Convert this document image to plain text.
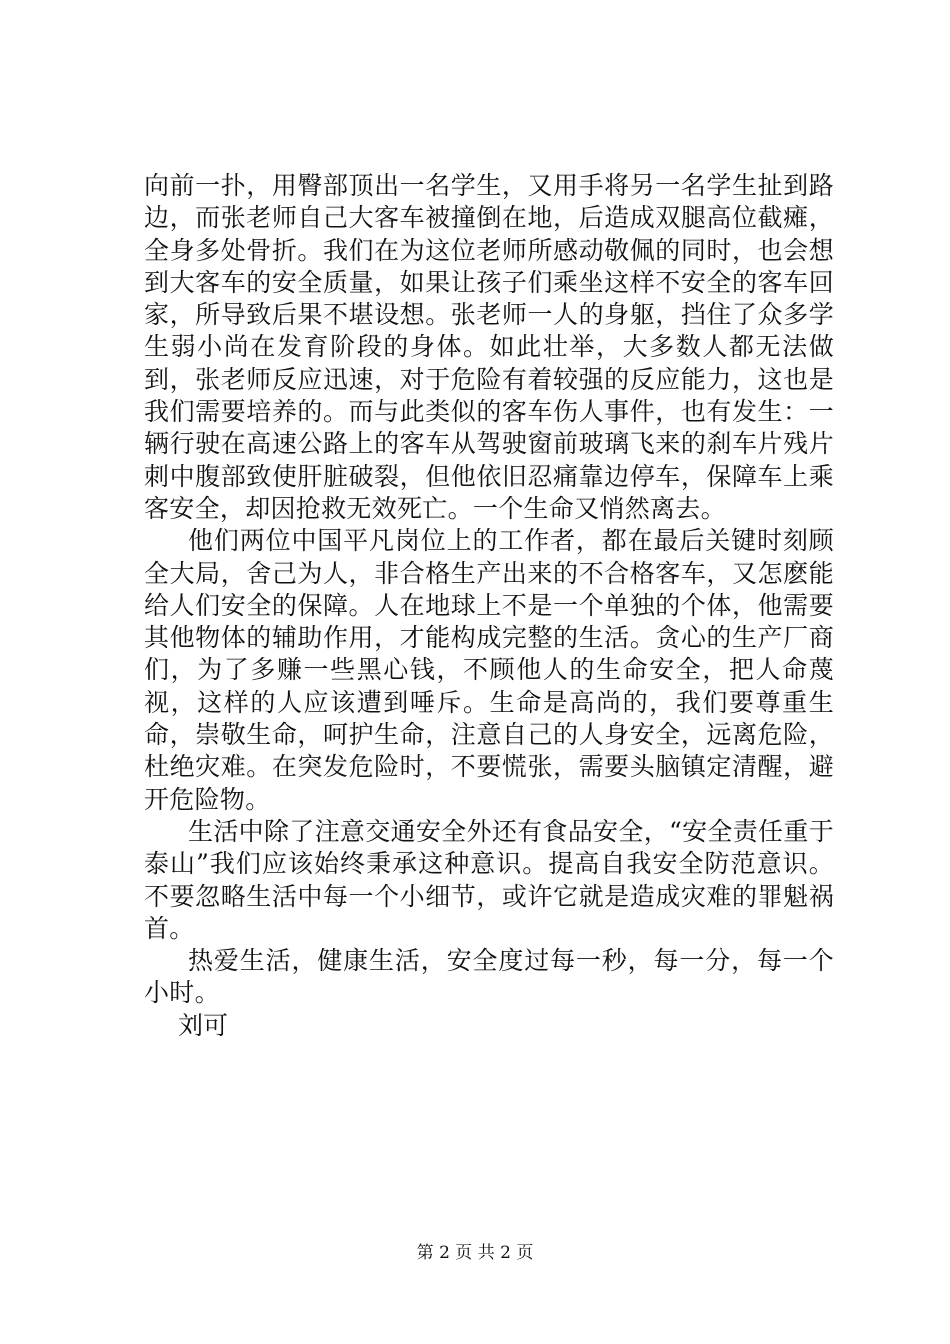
向前一扑，用臀部顶出一名学生，又用手将另一名学生扯到路边，而张老师自己大客车被撞倒在地，后造成双腿高位截瘫，全身多处骨折。我们在为这位老师所感动敬佩的同时，也会想到大客车的安全质量，如果让孩子们乘坐这样不安全的客车回家，所导致后果不堪设想。张老师一人的身躯，挡住了众多学生弱小尚在发育阶段的身体。如此壮举，大多数人都无法做到，张老师反应迅速，对于危险有着较强的反应能力，这也是我们需要培养的。而与此类似的客车伤人事件，也有发生：一辆行驶在高速公路上的客车从驾驶窗前玻璃飞来的刹车片残片刺中腹部致使肝脏破裂，但他依旧忍痛靠边停车，保障车上乘客安全，却因抢救无效死亡。一个生命又悄然离去。

他们两位中国平凡岗位上的工作者，都在最后关键时刻顾全大局，舍己为人，非合格生产出来的不合格客车，又怎麽能给人们安全的保障。人在地球上不是一个单独的个体，他需要其他物体的辅助作用，才能构成完整的生活。贪心的生产厂商们，为了多赚一些黑心钱，不顾他人的生命安全，把人命蔑视，这样的人应该遭到唾斥。生命是高尚的，我们要尊重生命，崇敬生命，呵护生命，注意自己的人身安全，远离危险，杜绝灾难。在突发危险时，不要慌张，需要头脑镇定清醒，避开危险物。

生活中除了注意交通安全外还有食品安全，“安全责任重于泰山”我们应该始终秉承这种意识。提高自我安全防范意识。不要忽略生活中每一个小细节，或许它就是造成灾难的罪魁祸首。

热爱生活，健康生活，安全度过每一秒，每一分，每一个小时。

刘可

第 2 页 共 2 页
